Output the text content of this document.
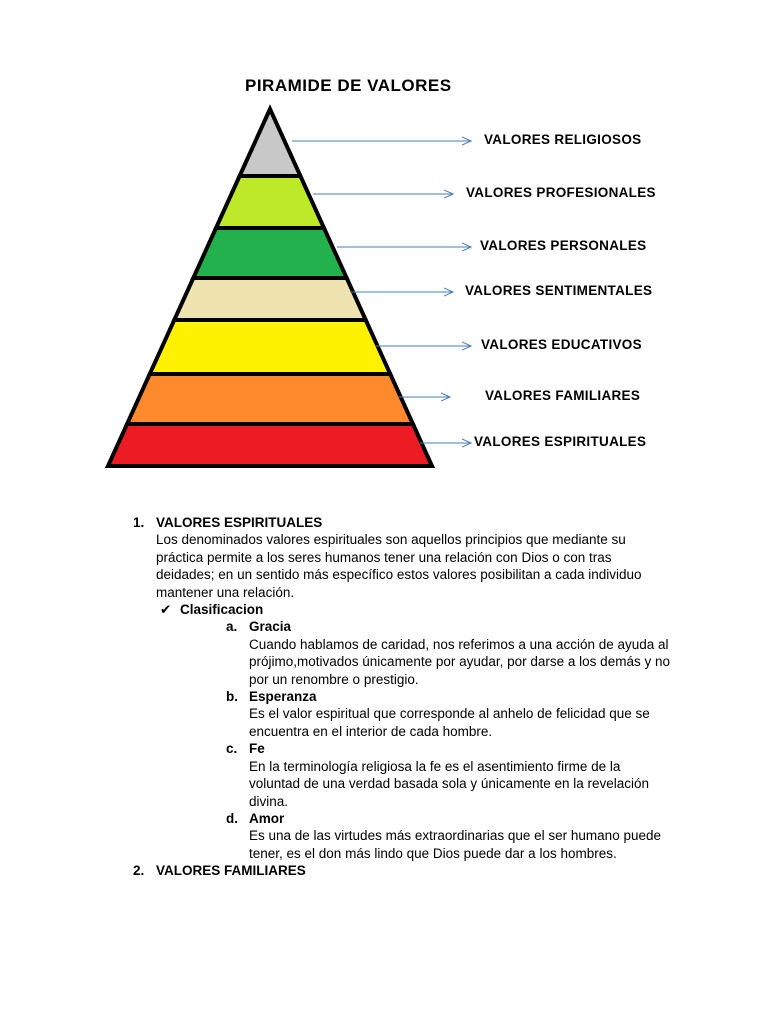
PIRAMIDE DE VALORES
VALORES RELIGIOSOS
VALORES PROFESIONALES
VALORES PERSONALES
VALORES SENTIMENTALES
VALORES EDUCATIVOS
VALORES FAMILIARES
VALORES ESPIRITUALES
1. VALORES ESPIRITUALES
Los denominados valores espirituales son aquellos principios que mediante su práctica permite a los seres humanos tener una relación con Dios o con tras deidades; en un sentido más específico estos valores posibilitan a cada individuo mantener una relación.
✔ Clasificacion
a. Gracia
Cuando hablamos de caridad, nos referimos a una acción de ayuda al prójimo,motivados únicamente por ayudar, por darse a los demás y no por un renombre o prestigio.
b. Esperanza
Es el valor espiritual que corresponde al anhelo de felicidad que se encuentra en el interior de cada hombre.
c. Fe
En la terminología religiosa la fe es el asentimiento firme de la voluntad de una verdad basada sola y únicamente en la revelación divina.
d. Amor
Es una de las virtudes más extraordinarias que el ser humano puede tener, es el don más lindo que Dios puede dar a los hombres.
2. VALORES FAMILIARES
